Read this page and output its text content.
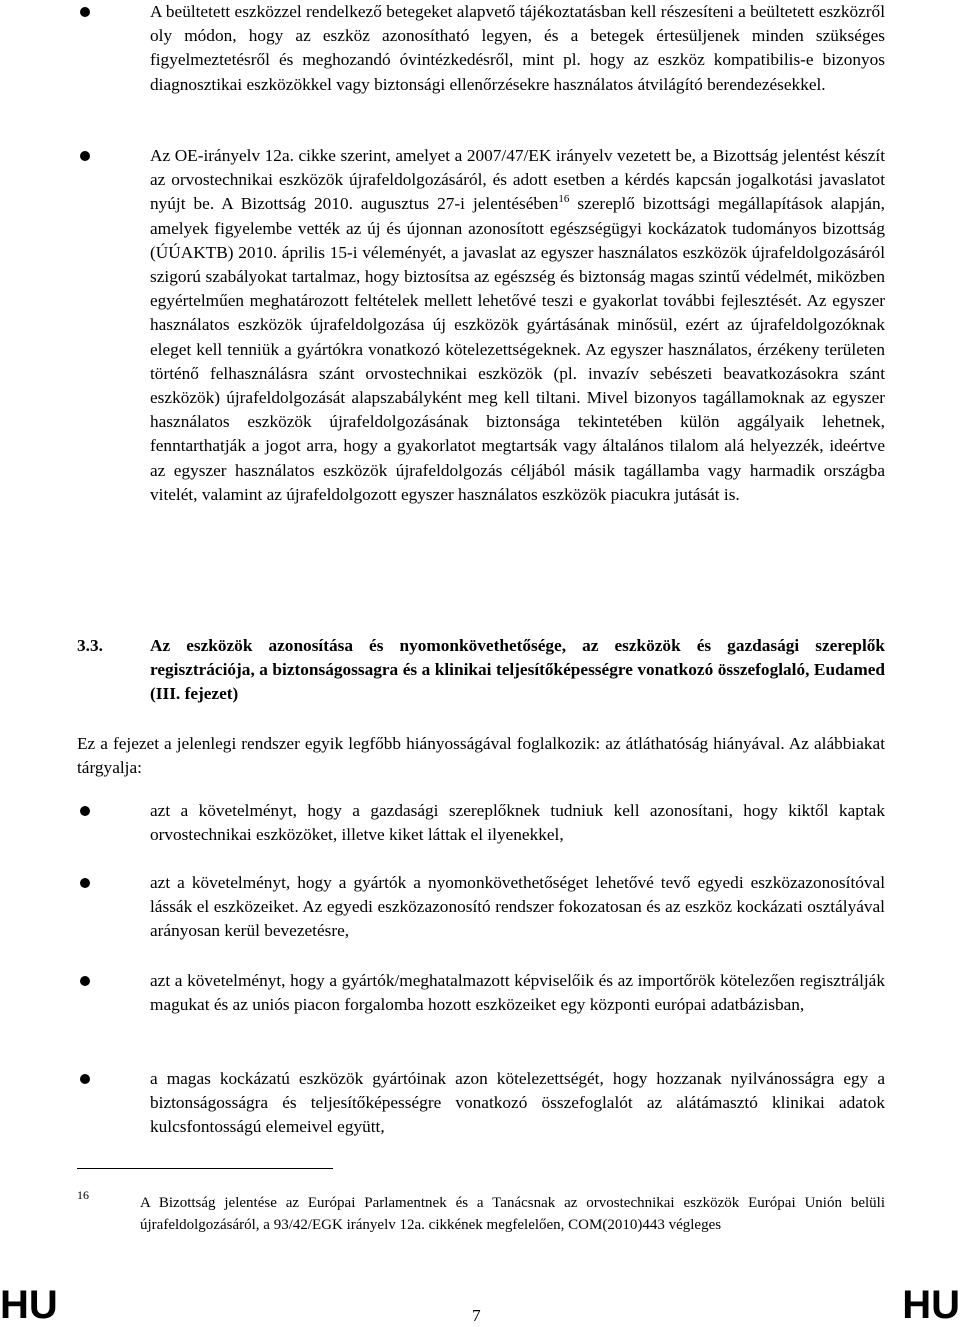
A beültetett eszközzel rendelkező betegeket alapvető tájékoztatásban kell részesíteni a beültetett eszközről oly módon, hogy az eszköz azonosítható legyen, és a betegek értesüljenek minden szükséges figyelmeztetésről és meghozandó óvintézkedésről, mint pl. hogy az eszköz kompatibilis-e bizonyos diagnosztikai eszközökkel vagy biztonsági ellenőrzésekre használatos átvilágító berendezésekkel.
Az OE-irányelv 12a. cikke szerint, amelyet a 2007/47/EK irányelv vezetett be, a Bizottság jelentést készít az orvostechnikai eszközök újrafeldolgozásáról, és adott esetben a kérdés kapcsán jogalkotási javaslatot nyújt be. A Bizottság 2010. augusztus 27-i jelentésében$^{16}$ szereplő bizottsági megállapítások alapján, amelyek figyelembe vették az új és újonnan azonosított egészségügyi kockázatok tudományos bizottság (ÚÚAKTB) 2010. április 15-i véleményét, a javaslat az egyszer használatos eszközök újrafeldolgozásáról szigorú szabályokat tartalmaz, hogy biztosítsa az egészség és biztonság magas szintű védelmét, miközben egyértelműen meghatározott feltételek mellett lehetővé teszi e gyakorlat további fejlesztését. Az egyszer használatos eszközök újrafeldolgozása új eszközök gyártásának minősül, ezért az újrafeldolgozóknak eleget kell tenniük a gyártókra vonatkozó kötelezettségeknek. Az egyszer használatos, érzékeny területen történő felhasználásra szánt orvostechnikai eszközök (pl. invazív sebészeti beavatkozásokra szánt eszközök) újrafeldolgozását alapszabályként meg kell tiltani. Mivel bizonyos tagállamoknak az egyszer használatos eszközök újrafeldolgozásának biztonsága tekintetében külön aggályaik lehetnek, fenntarthatják a jogot arra, hogy a gyakorlatot megtartsák vagy általános tilalom alá helyezzék, ideértve az egyszer használatos eszközök újrafeldolgozás céljából másik tagállamba vagy harmadik országba vitelét, valamint az újrafeldolgozott egyszer használatos eszközök piacukra jutását is.
3.3.	Az eszközök azonosítása és nyomonkövethetősége, az eszközök és gazdasági szereplők regisztrációja, a biztonságossagra és a klinikai teljesítőképességre vonatkozó összefoglaló, Eudamed (III. fejezet)
Ez a fejezet a jelenlegi rendszer egyik legfőbb hiányosságával foglalkozik: az átláthatóság hiányával. Az alábbiakat tárgyalja:
azt a követelményt, hogy a gazdasági szereplőknek tudniuk kell azonosítani, hogy kiktől kaptak orvostechnikai eszközöket, illetve kiket láttak el ilyenekkel,
azt a követelményt, hogy a gyártók a nyomonkövethetőséget lehetővé tevő egyedi eszközazonosítóval lássák el eszközeiket. Az egyedi eszközazonosító rendszer fokozatosan és az eszköz kockázati osztályával arányosan kerül bevezetésre,
azt a követelményt, hogy a gyártók/meghatalmazott képviselőik és az importőrök kötelezően regisztrálják magukat és az uniós piacon forgalomba hozott eszközeiket egy központi európai adatbázisban,
a magas kockázatú eszközök gyártóinak azon kötelezettségét, hogy hozzanak nyilvánosságra egy a biztonságosságra és teljesítőképességre vonatkozó összefoglalót az alátámasztó klinikai adatok kulcsfontosságú elemeivel együtt,
16	A Bizottság jelentése az Európai Parlamentnek és a Tanácsnak az orvostechnikai eszközök Európai Unión belüli újrafeldolgozásáról, a 93/42/EGK irányelv 12a. cikkének megfelelően, COM(2010)443 végleges
HU	7	HU
